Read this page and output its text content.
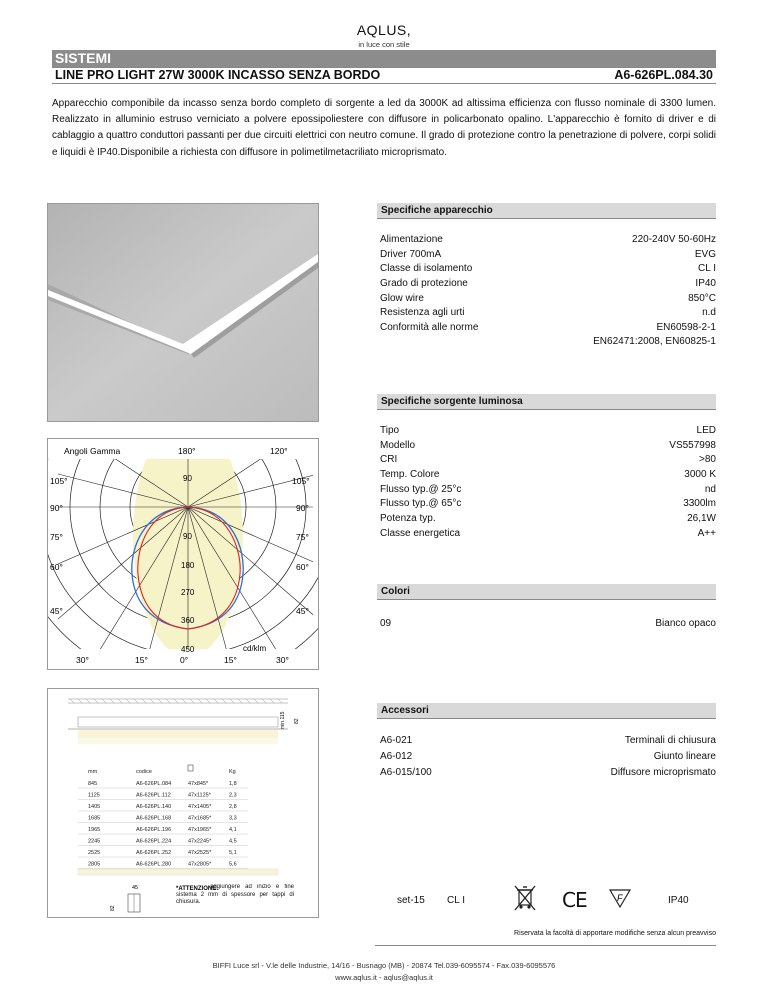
AQLUS,
in luce con stile
SISTEMI
LINE PRO LIGHT 27W 3000K INCASSO SENZA BORDO	A6-626PL.084.30
Apparecchio componibile da incasso senza bordo completo di sorgente a led da 3000K ad altissima efficienza con flusso nominale di 3300 lumen. Realizzato in alluminio estruso verniciato a polvere epossipoliestere con diffusore in policarbonato opalino. L'apparecchio è fornito di driver e di cablaggio a quattro conduttori passanti per due circuiti elettrici con neutro comune. Il grado di protezione contro la penetrazione di polvere, corpi solidi e liquidi è IP40.Disponibile a richiesta con diffusore in polimetilmetacriliato microprismato.
Angoli Gamma	180°	120°
105°	105°
90°	90°
75°	75°
60°	60°
45°	45°
30°	15°	0°	15°	30°
90
90
180
270
360
450	cd/klm
min.115 82
mm	codice	Kg
845	A6-626PL.084	47x845*	1,8
1125	A6-626PL.112	47x1125*	2,3
1405	A6-626PL.140	47x1405*	2,8
1685	A6-626PL.168	47x1685*	3,3
1965	A6-626PL.196	47x1965*	4,1
2245	A6-626PL.224	47x2245*	4,5
2525	A6-626PL.252	47x2525*	5,1
2805	A6-626PL.280	47x2805*	5,6
45
82
*ATTENZIONE:
aggiungere ad inizio e fine sistema 2 mm di spessore per tappi di chiusura.
Specifiche apparecchio
Alimentazione	220-240V 50-60Hz
Driver 700mA	EVG
Classe di isolamento	CL I
Grado di protezione	IP40
Glow wire	850°C
Resistenza agli urti	n.d
Conformità alle norme	EN60598-2-1
EN62471:2008, EN60825-1
Specifiche sorgente luminosa
Tipo	LED
Modello	VS557998
CRI	>80
Temp. Colore	3000 K
Flusso typ.@ 25°c	nd
Flusso typ.@ 65°c	3300lm
Potenza typ.	26,1W
Classe energetica	A++
Colori
09	Bianco opaco
Accessori
A6-021	Terminali di chiusura
A6-012	Giunto lineare
A6-015/100	Diffusore microprismato
set-15 CL I	CE	F	IP40
Riservata la facoltà di apportare modifiche senza alcun preavviso
BIFFI Luce srl - V.le delle Industrie, 14/16 - Busnago (MB) - 20874 Tel.039-6095574 - Fax.039-6095576
www.aqlus.it - aqlus@aqlus.it
